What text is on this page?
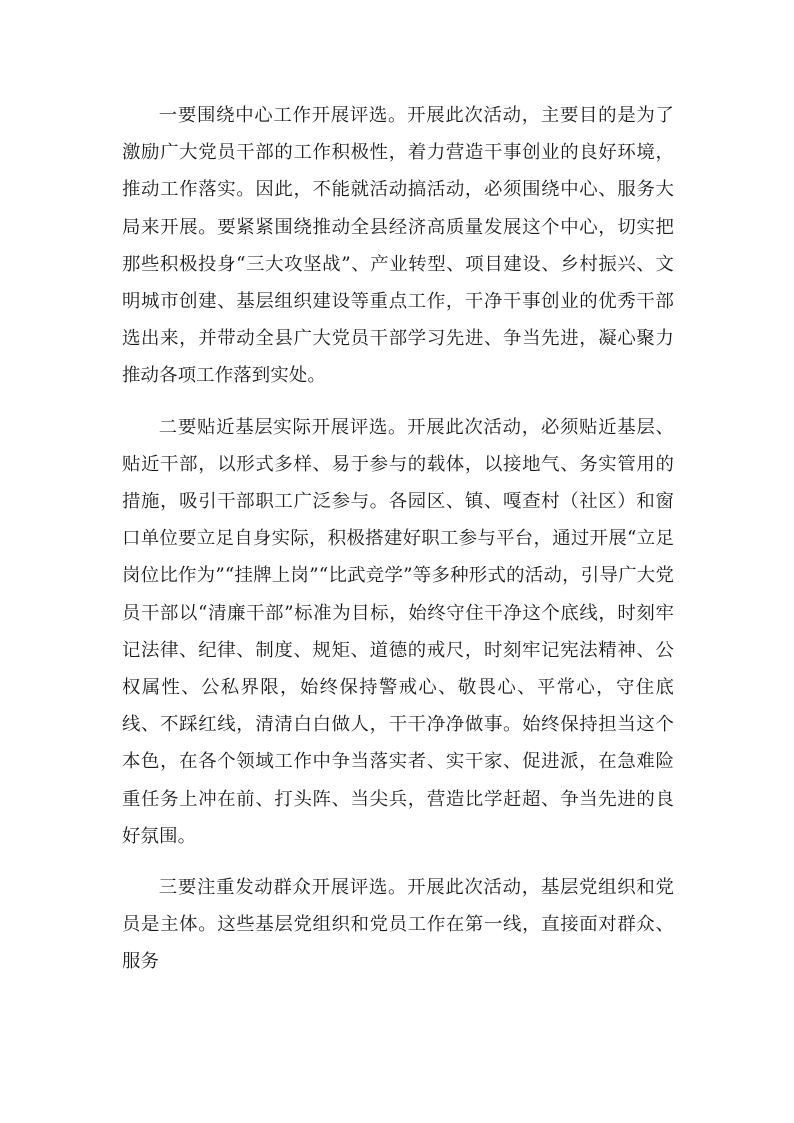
一要围绕中心工作开展评选。开展此次活动，主要目的是为了激励广大党员干部的工作积极性，着力营造干事创业的良好环境，推动工作落实。因此，不能就活动搞活动，必须围绕中心、服务大局来开展。要紧紧围绕推动全县经济高质量发展这个中心，切实把那些积极投身“三大攻坚战”、产业转型、项目建设、乡村振兴、文明城市创建、基层组织建设等重点工作，干净干事创业的优秀干部选出来，并带动全县广大党员干部学习先进、争当先进，凝心聚力推动各项工作落到实处。

二要贴近基层实际开展评选。开展此次活动，必须贴近基层、贴近干部，以形式多样、易于参与的载体，以接地气、务实管用的措施，吸引干部职工广泛参与。各园区、镇、嘎查村（社区）和窗口单位要立足自身实际，积极搭建好职工参与平台，通过开展“立足岗位比作为”“挂牌上岗”“比武竞学”等多种形式的活动，引导广大党员干部以“清廉干部”标准为目标，始终守住干净这个底线，时刻牢记法律、纪律、制度、规矩、道德的戒尺，时刻牢记宪法精神、公权属性、公私界限，始终保持警戒心、敬畏心、平常心，守住底线、不踩红线，清清白白做人，干干净净做事。始终保持担当这个本色，在各个领域工作中争当落实者、实干家、促进派，在急难险重任务上冲在前、打头阵、当尖兵，营造比学赶超、争当先进的良好氛围。

三要注重发动群众开展评选。开展此次活动，基层党组织和党员是主体。这些基层党组织和党员工作在第一线，直接面对群众、服务
